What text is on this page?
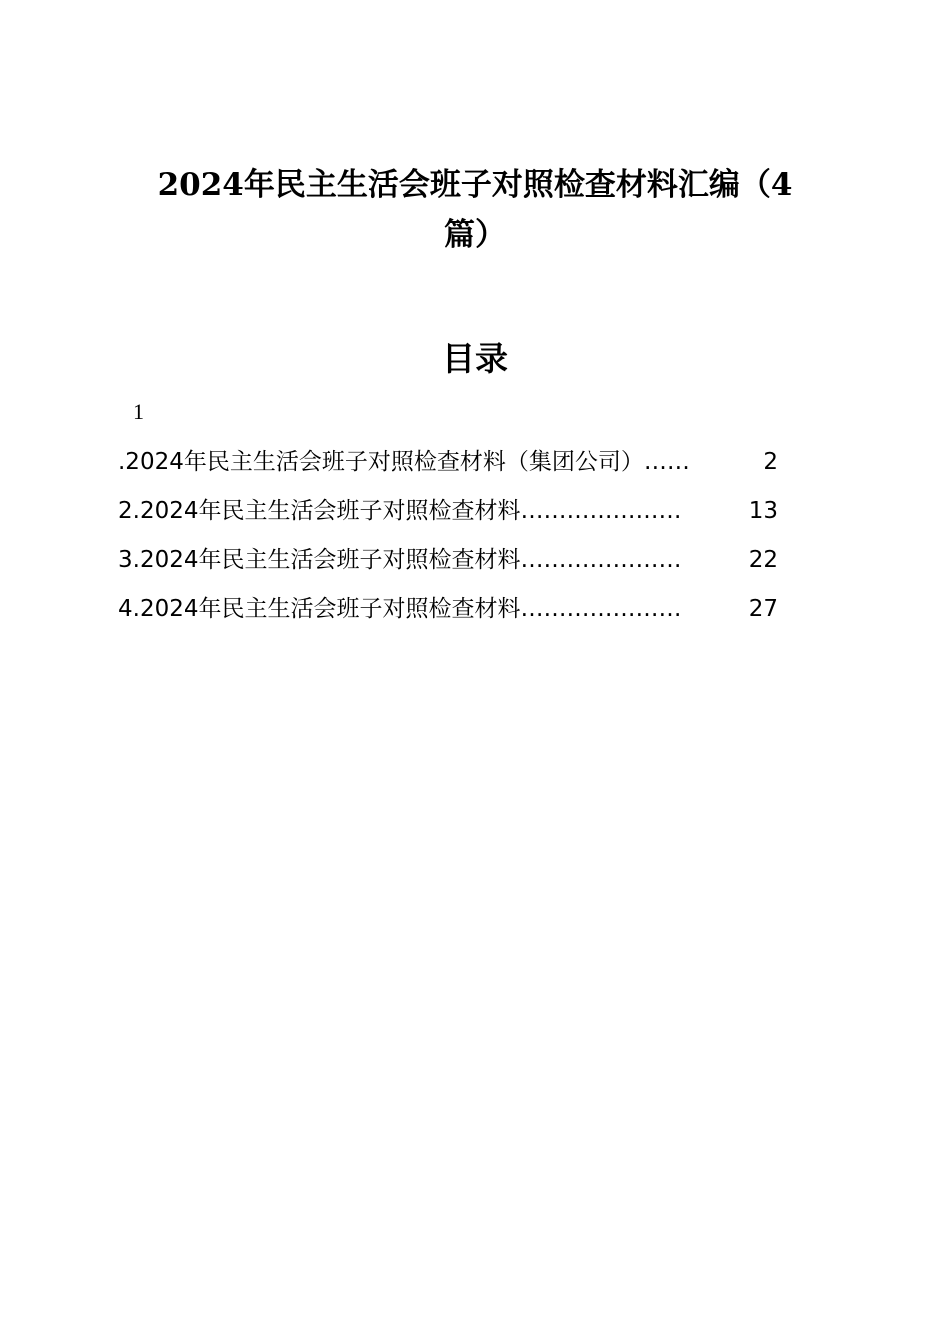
2024年民主生活会班子对照检查材料汇编（4
篇）
目录
1
.2024年民主生活会班子对照检查材料（集团公司） ……	2
2.2024年民主生活会班子对照检查材料 …………………	13
3.2024年民主生活会班子对照检查材料 …………………	22
4.2024年民主生活会班子对照检查材料 …………………	27
